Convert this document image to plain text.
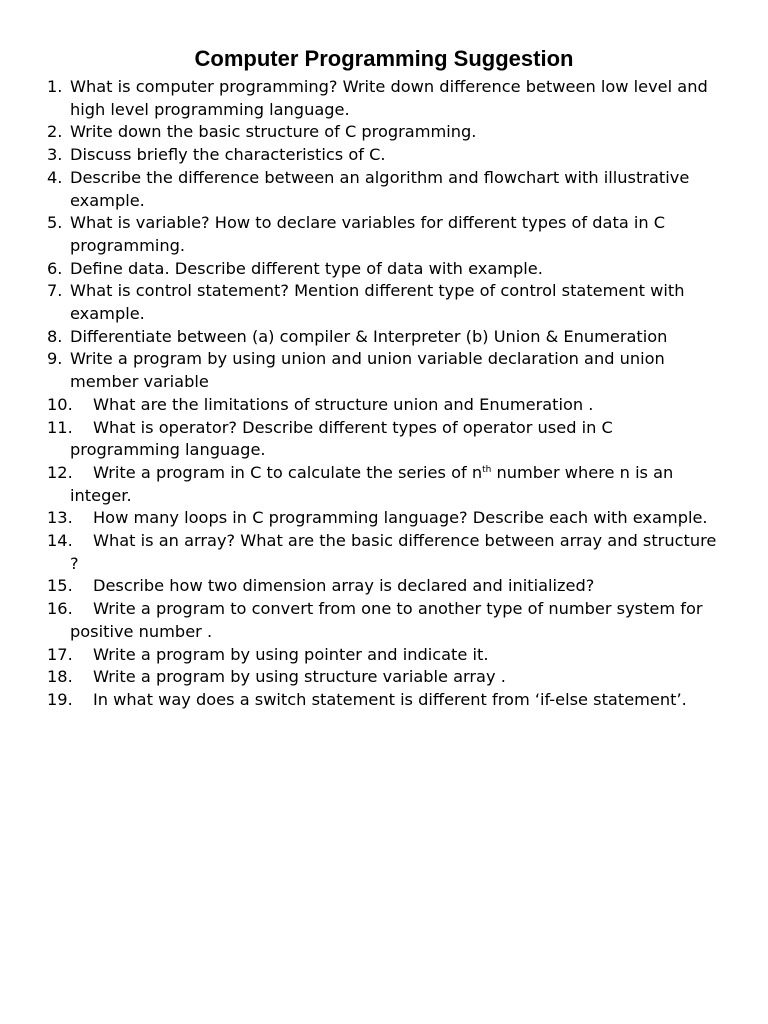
Computer Programming Suggestion
1. What is computer programming? Write down difference between low level and high level programming language.
2. Write down the basic structure of C programming.
3. Discuss briefly the characteristics of C.
4. Describe the difference between an algorithm and flowchart with illustrative example.
5. What is variable? How to declare variables for different types of data in C programming.
6. Define data. Describe different type of data with example.
7. What is control statement? Mention different type of control statement with example.
8. Differentiate between (a) compiler & Interpreter (b) Union & Enumeration
9. Write a program by using union and union variable declaration and union member variable
10. What are the limitations of structure union and Enumeration .
11. What is operator? Describe different types of operator used in C programming language.
12. Write a program in C to calculate the series of $n^{th}$ number where n is an integer.
13. How many loops in C programming language? Describe each with example.
14. What is an array? What are the basic difference between array and structure ?
15. Describe how two dimension array is declared and initialized?
16. Write a program to convert from one to another type of number system for positive number .
17. Write a program by using pointer and indicate it.
18. Write a program by using structure variable array .
19. In what way does a switch statement is different from ‘if-else statement’.
